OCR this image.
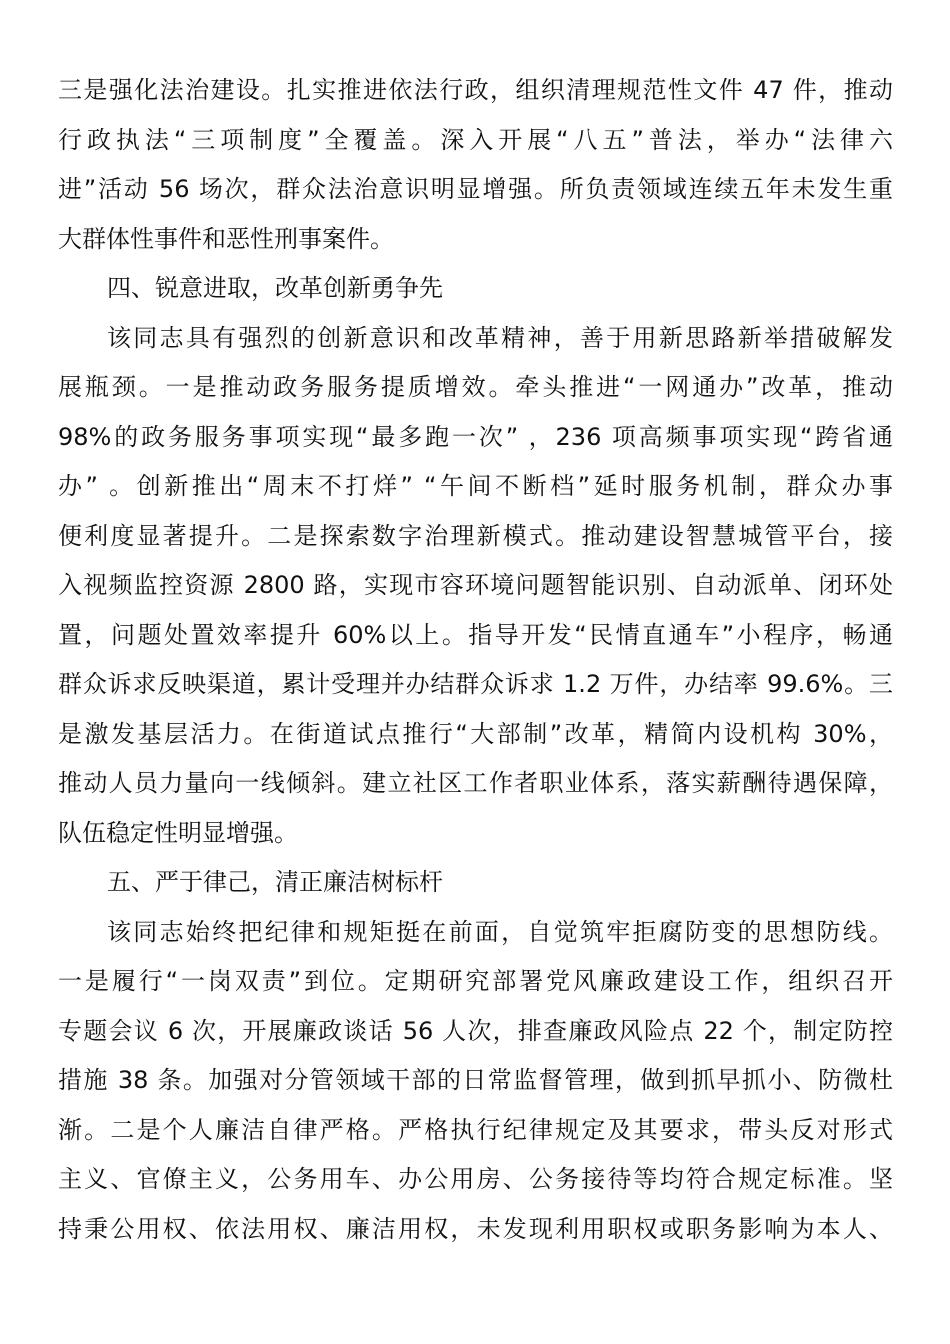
三是强化法治建设。扎实推进依法行政，组织清理规范性文件 47 件，推动
行政执法“三项制度”全覆盖。深入开展“八五”普法，举办“法律六
进”活动 56 场次，群众法治意识明显增强。所负责领域连续五年未发生重
大群体性事件和恶性刑事案件。
四、锐意进取，改革创新勇争先
该同志具有强烈的创新意识和改革精神，善于用新思路新举措破解发
展瓶颈。一是推动政务服务提质增效。牵头推进“一网通办”改革，推动
98%的政务服务事项实现“最多跑一次” ，236 项高频事项实现“跨省通
办” 。创新推出“周末不打烊” “午间不断档”延时服务机制，群众办事
便利度显著提升。二是探索数字治理新模式。推动建设智慧城管平台，接
入视频监控资源 2800 路，实现市容环境问题智能识别、自动派单、闭环处
置，问题处置效率提升 60%以上。指导开发“民情直通车”小程序，畅通
群众诉求反映渠道，累计受理并办结群众诉求 1.2 万件，办结率 99.6%。三
是激发基层活力。在街道试点推行“大部制”改革，精简内设机构 30%，
推动人员力量向一线倾斜。建立社区工作者职业体系，落实薪酬待遇保障，
队伍稳定性明显增强。
五、严于律己，清正廉洁树标杆
该同志始终把纪律和规矩挺在前面，自觉筑牢拒腐防变的思想防线。
一是履行“一岗双责”到位。定期研究部署党风廉政建设工作，组织召开
专题会议 6 次，开展廉政谈话 56 人次，排查廉政风险点 22 个，制定防控
措施 38 条。加强对分管领域干部的日常监督管理，做到抓早抓小、防微杜
渐。二是个人廉洁自律严格。严格执行纪律规定及其要求，带头反对形式
主义、官僚主义，公务用车、办公用房、公务接待等均符合规定标准。坚
持秉公用权、依法用权、廉洁用权，未发现利用职权或职务影响为本人、
